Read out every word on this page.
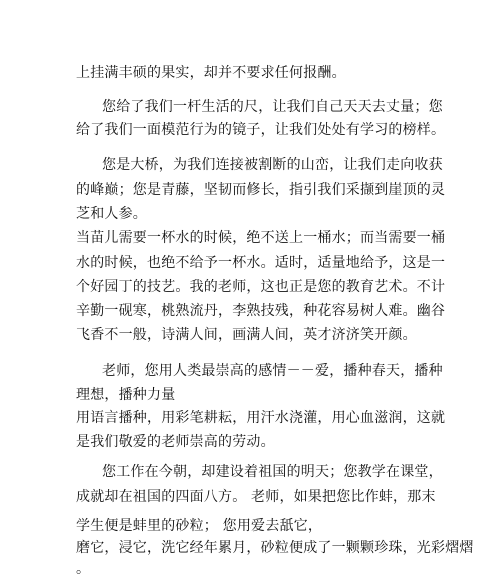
上挂满丰硕的果实，却并不要求任何报酬。
您给了我们一杆生活的尺，让我们自己天天去丈量；您
给了我们一面模范行为的镜子，让我们处处有学习的榜样。
您是大桥，为我们连接被割断的山峦，让我们走向收获
的峰巅；您是青藤，坚韧而修长，指引我们采撷到崖顶的灵
芝和人参。
当苗儿需要一杯水的时候，绝不送上一桶水；而当需要一桶
水的时候，也绝不给予一杯水。适时，适量地给予，这是一
个好园丁的技艺。我的老师，这也正是您的教育艺术。不计
辛勤一砚寒，桃熟流丹，李熟技残，种花容易树人难。幽谷
飞香不一般，诗满人间，画满人间，英才济济笑开颜。
老师，您用人类最崇高的感情－－爱，播种春天，播种
理想，播种力量
用语言播种，用彩笔耕耘，用汗水浇灌，用心血滋润，这就
是我们敬爱的老师崇高的劳动。
您工作在今朝，却建设着祖国的明天；您教学在课堂，
成就却在祖国的四面八方。 老师，如果把您比作蚌，那末
学生便是蚌里的砂粒； 您用爱去舐它，
磨它，浸它，洗它经年累月，砂粒便成了一颗颗珍珠，光彩熠熠
。
